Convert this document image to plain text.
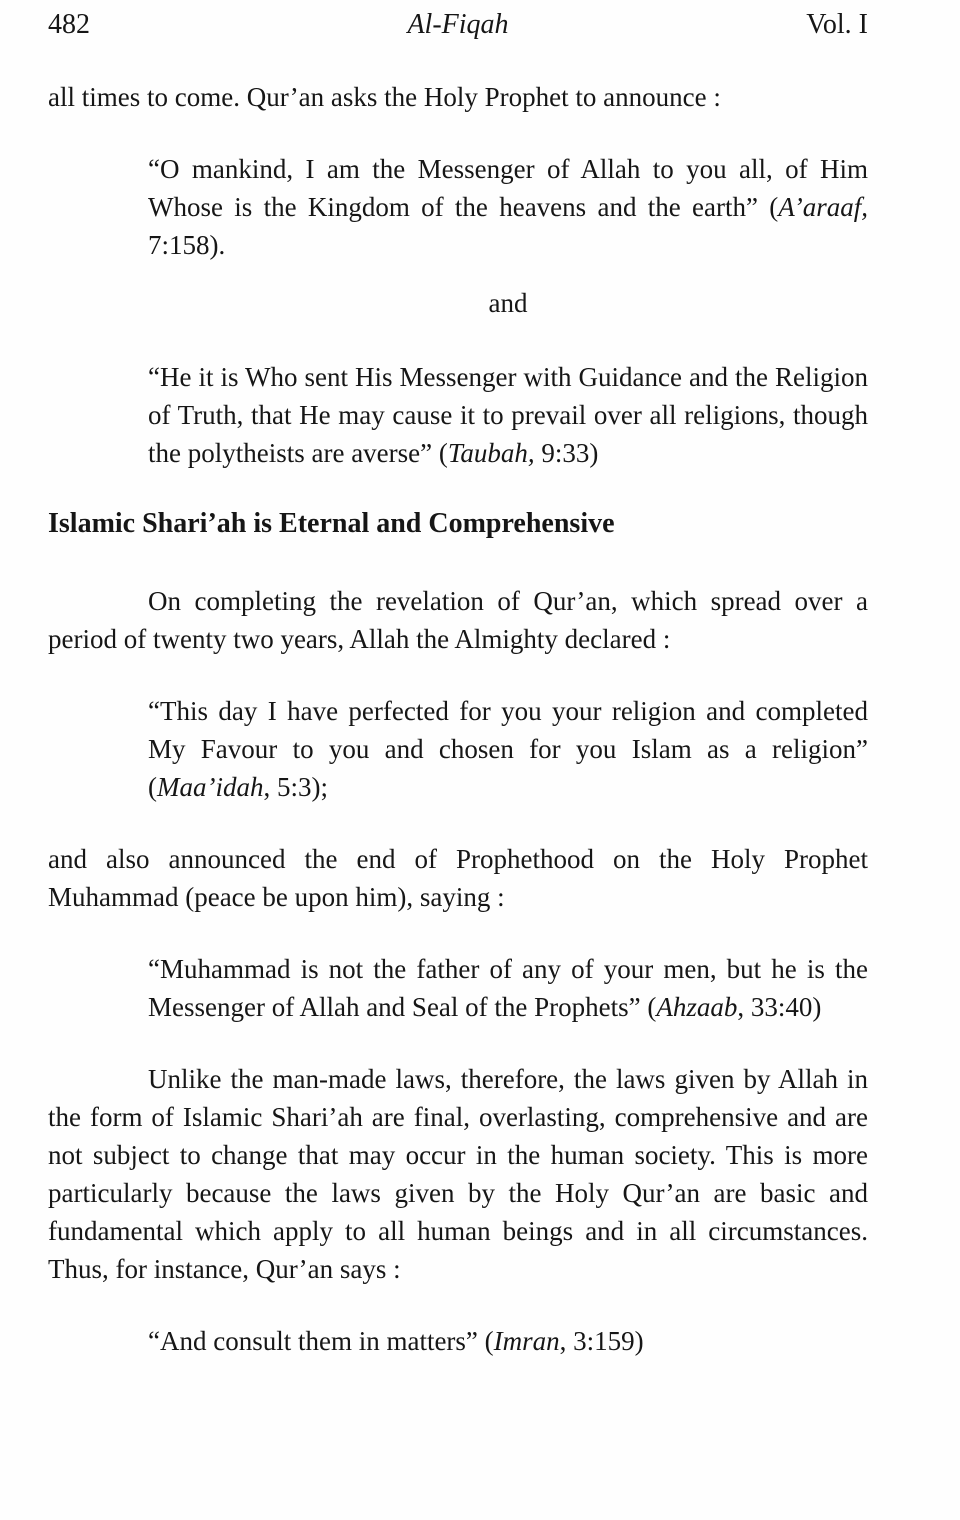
482	Al-Fiqah	Vol. I

all times to come. Qur’an asks the Holy Prophet to announce :

“O mankind, I am the Messenger of Allah to you all, of Him Whose is the Kingdom of the heavens and the earth” (A’araaf, 7:158).
and
“He it is Who sent His Messenger with Guidance and the Religion of Truth, that He may cause it to prevail over all religions, though the polytheists are averse” (Taubah, 9:33)
Islamic Shari’ah is Eternal and Comprehensive

On completing the revelation of Qur’an, which spread over a period of twenty two years, Allah the Almighty declared :

“This day I have perfected for you your religion and completed My Favour to you and chosen for you Islam as a religion” (Maa’idah, 5:3);

and also announced the end of Prophethood on the Holy Prophet Muhammad (peace be upon him), saying :

“Muhammad is not the father of any of your men, but he is the Messenger of Allah and Seal of the Prophets” (Ahzaab, 33:40)

Unlike the man-made laws, therefore, the laws given by Allah in the form of Islamic Shari’ah are final, overlasting, comprehensive and are not subject to change that may occur in the human society. This is more particularly because the laws given by the Holy Qur’an are basic and fundamental which apply to all human beings and in all circumstances. Thus, for instance, Qur’an says :

“And consult them in matters” (Imran, 3:159)
